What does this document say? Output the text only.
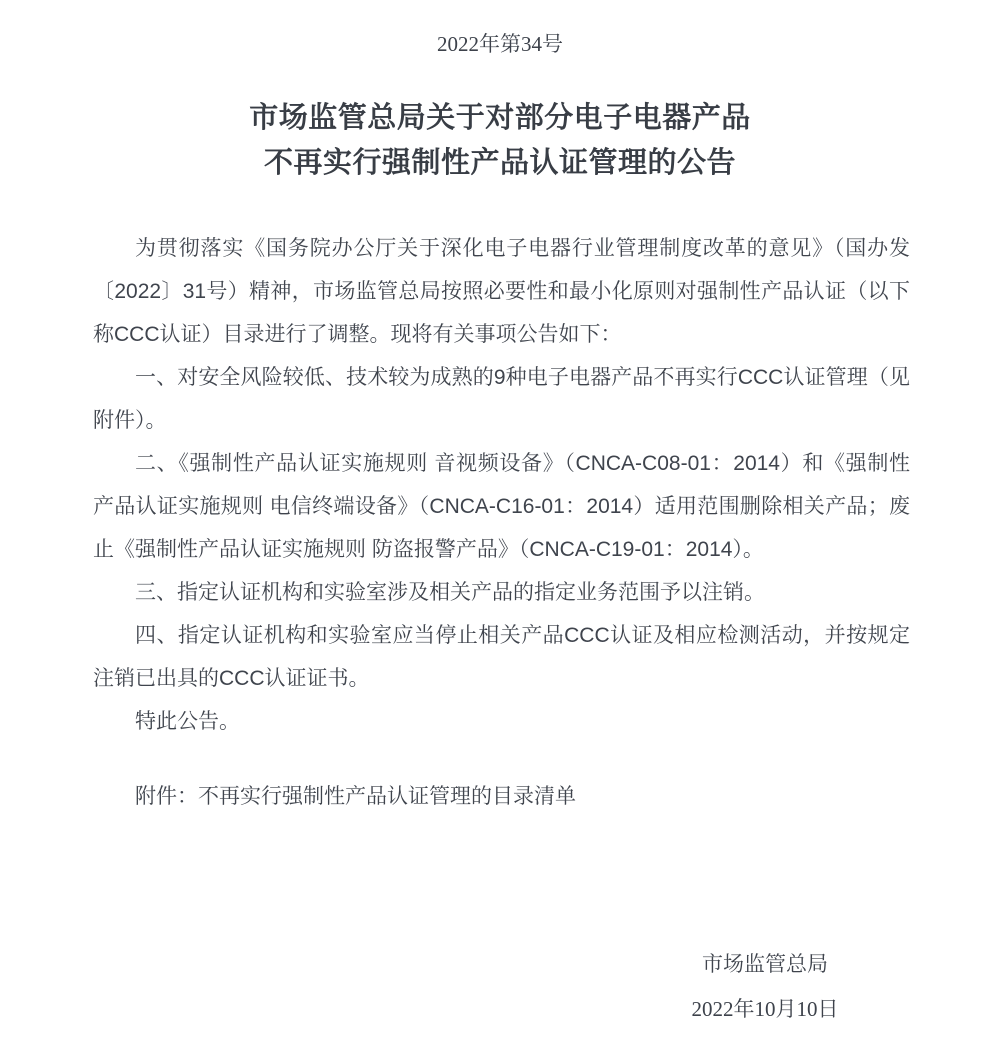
2022年第34号

市场监管总局关于对部分电子电器产品
不再实行强制性产品认证管理的公告

为贯彻落实《国务院办公厅关于深化电子电器行业管理制度改革的意见》（国办发〔2022〕31号）精神，市场监管总局按照必要性和最小化原则对强制性产品认证（以下称CCC认证）目录进行了调整。现将有关事项公告如下：

一、对安全风险较低、技术较为成熟的9种电子电器产品不再实行CCC认证管理（见附件）。

二、《强制性产品认证实施规则 音视频设备》（CNCA-C08-01：2014）和《强制性产品认证实施规则 电信终端设备》（CNCA-C16-01：2014）适用范围删除相关产品；废止《强制性产品认证实施规则 防盗报警产品》（CNCA-C19-01：2014）。

三、指定认证机构和实验室涉及相关产品的指定业务范围予以注销。

四、指定认证机构和实验室应当停止相关产品CCC认证及相应检测活动，并按规定注销已出具的CCC认证证书。

特此公告。

附件：不再实行强制性产品认证管理的目录清单

市场监管总局

2022年10月10日
